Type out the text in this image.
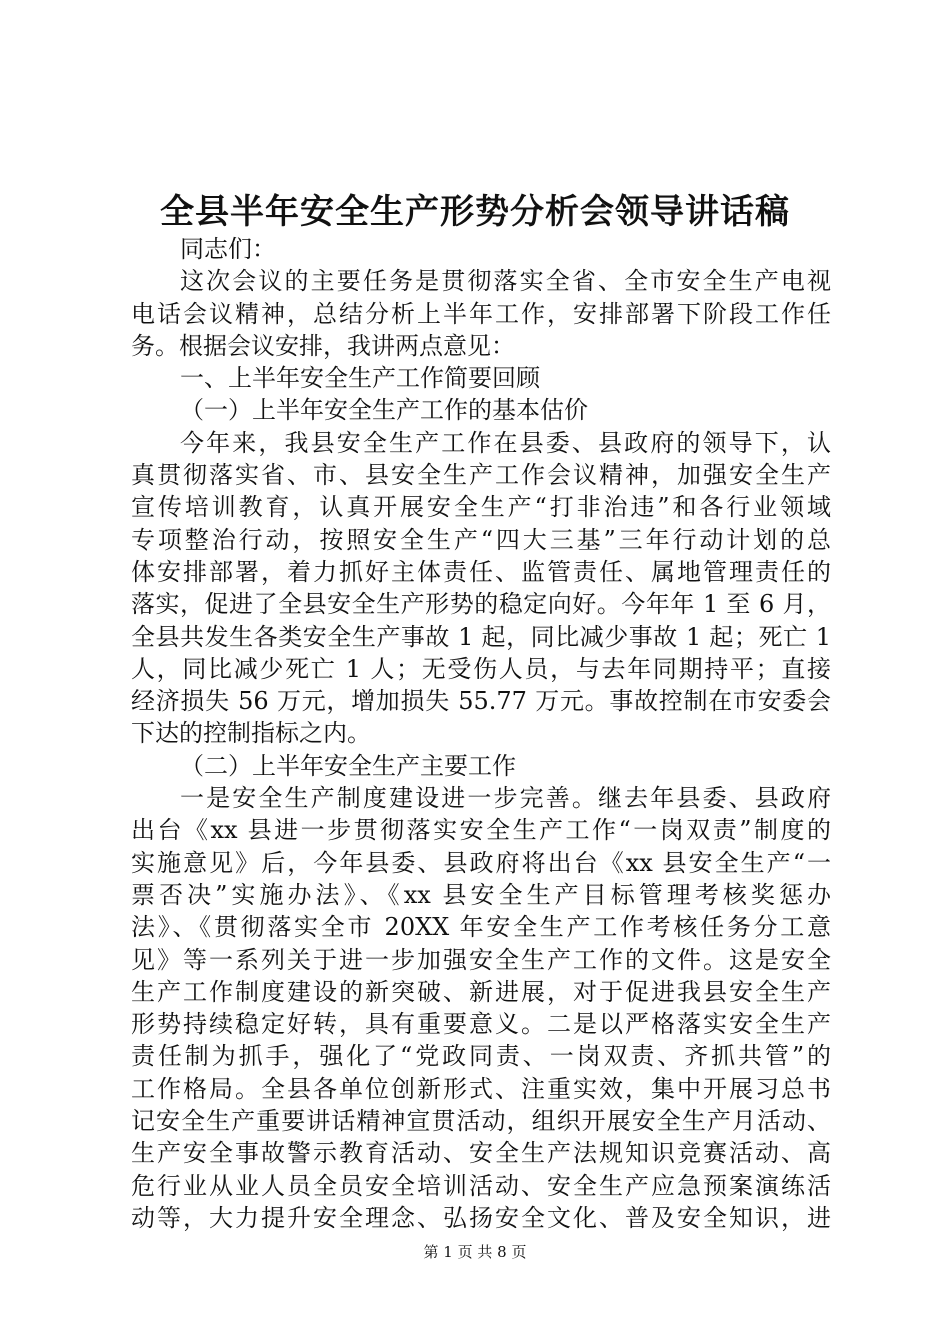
全县半年安全生产形势分析会领导讲话稿
同志们：
这次会议的主要任务是贯彻落实全省、全市安全生产电视
电话会议精神，总结分析上半年工作，安排部署下阶段工作任
务。根据会议安排，我讲两点意见：
一、上半年安全生产工作简要回顾
（一）上半年安全生产工作的基本估价
今年来，我县安全生产工作在县委、县政府的领导下，认
真贯彻落实省、市、县安全生产工作会议精神，加强安全生产
宣传培训教育，认真开展安全生产“打非治违”和各行业领域
专项整治行动，按照安全生产“四大三基”三年行动计划的总
体安排部署，着力抓好主体责任、监管责任、属地管理责任的
落实，促进了全县安全生产形势的稳定向好。今年年 1 至 6 月，
全县共发生各类安全生产事故 1 起，同比减少事故 1 起；死亡 1
人，同比减少死亡 1 人；无受伤人员，与去年同期持平；直接
经济损失 56 万元，增加损失 55.77 万元。事故控制在市安委会
下达的控制指标之内。
（二）上半年安全生产主要工作
一是安全生产制度建设进一步完善。继去年县委、县政府
出台《xx 县进一步贯彻落实安全生产工作“一岗双责”制度的
实施意见》后，今年县委、县政府将出台《xx 县安全生产“一
票否决”实施办法》、《xx 县安全生产目标管理考核奖惩办
法》、《贯彻落实全市 20XX 年安全生产工作考核任务分工意
见》等一系列关于进一步加强安全生产工作的文件。这是安全
生产工作制度建设的新突破、新进展，对于促进我县安全生产
形势持续稳定好转，具有重要意义。二是以严格落实安全生产
责任制为抓手，强化了“党政同责、一岗双责、齐抓共管”的
工作格局。全县各单位创新形式、注重实效，集中开展习总书
记安全生产重要讲话精神宣贯活动，组织开展安全生产月活动、
生产安全事故警示教育活动、安全生产法规知识竞赛活动、高
危行业从业人员全员安全培训活动、安全生产应急预案演练活
动等，大力提升安全理念、弘扬安全文化、普及安全知识，进
第 1 页 共 8 页
